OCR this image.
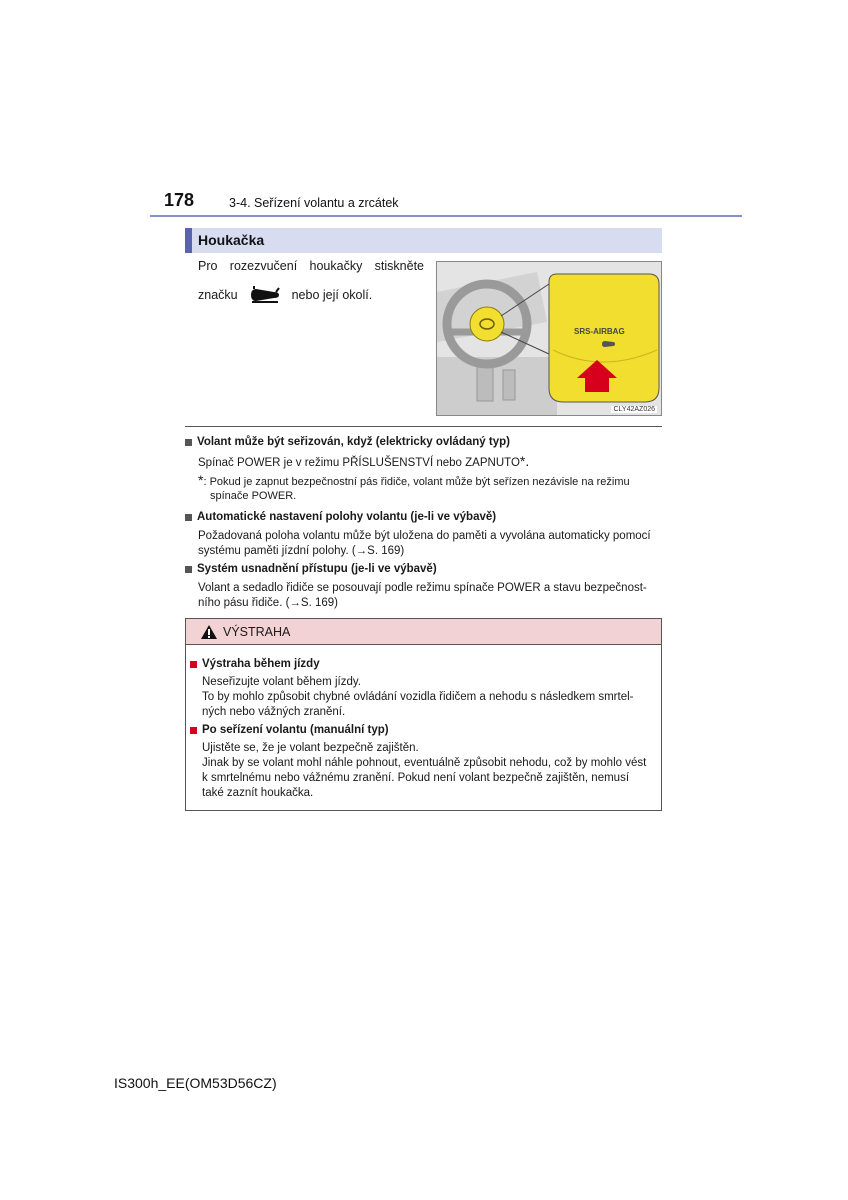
178	3-4. Seřízení volantu a zrcátek
Houkačka
Pro rozezvučení houkačky stiskněte
značku	nebo její okolí.
SRS-AIRBAG
CLY42AZ026
Volant může být seřizován, když (elektricky ovládaný typ)
Spínač POWER je v režimu PŘÍSLUŠENSTVÍ nebo ZAPNUTO*.
*: Pokud je zapnut bezpečnostní pás řidiče, volant může být seřízen nezávisle na režimu
spínače POWER.
Automatické nastavení polohy volantu (je-li ve výbavě)
Požadovaná poloha volantu může být uložena do paměti a vyvolána automaticky pomocí
systému paměti jízdní polohy. (→S. 169)
Systém usnadnění přístupu (je-li ve výbavě)
Volant a sedadlo řidiče se posouvají podle režimu spínače POWER a stavu bezpečnost-
ního pásu řidiče. (→S. 169)
VÝSTRAHA
Výstraha během jízdy
Neseřizujte volant během jízdy.
To by mohlo způsobit chybné ovládání vozidla řidičem a nehodu s následkem smrtel-
ných nebo vážných zranění.
Po seřízení volantu (manuální typ)
Ujistěte se, že je volant bezpečně zajištěn.
Jinak by se volant mohl náhle pohnout, eventuálně způsobit nehodu, což by mohlo vést
k smrtelnému nebo vážnému zranění. Pokud není volant bezpečně zajištěn, nemusí
také zaznít houkačka.
IS300h_EE(OM53D56CZ)
